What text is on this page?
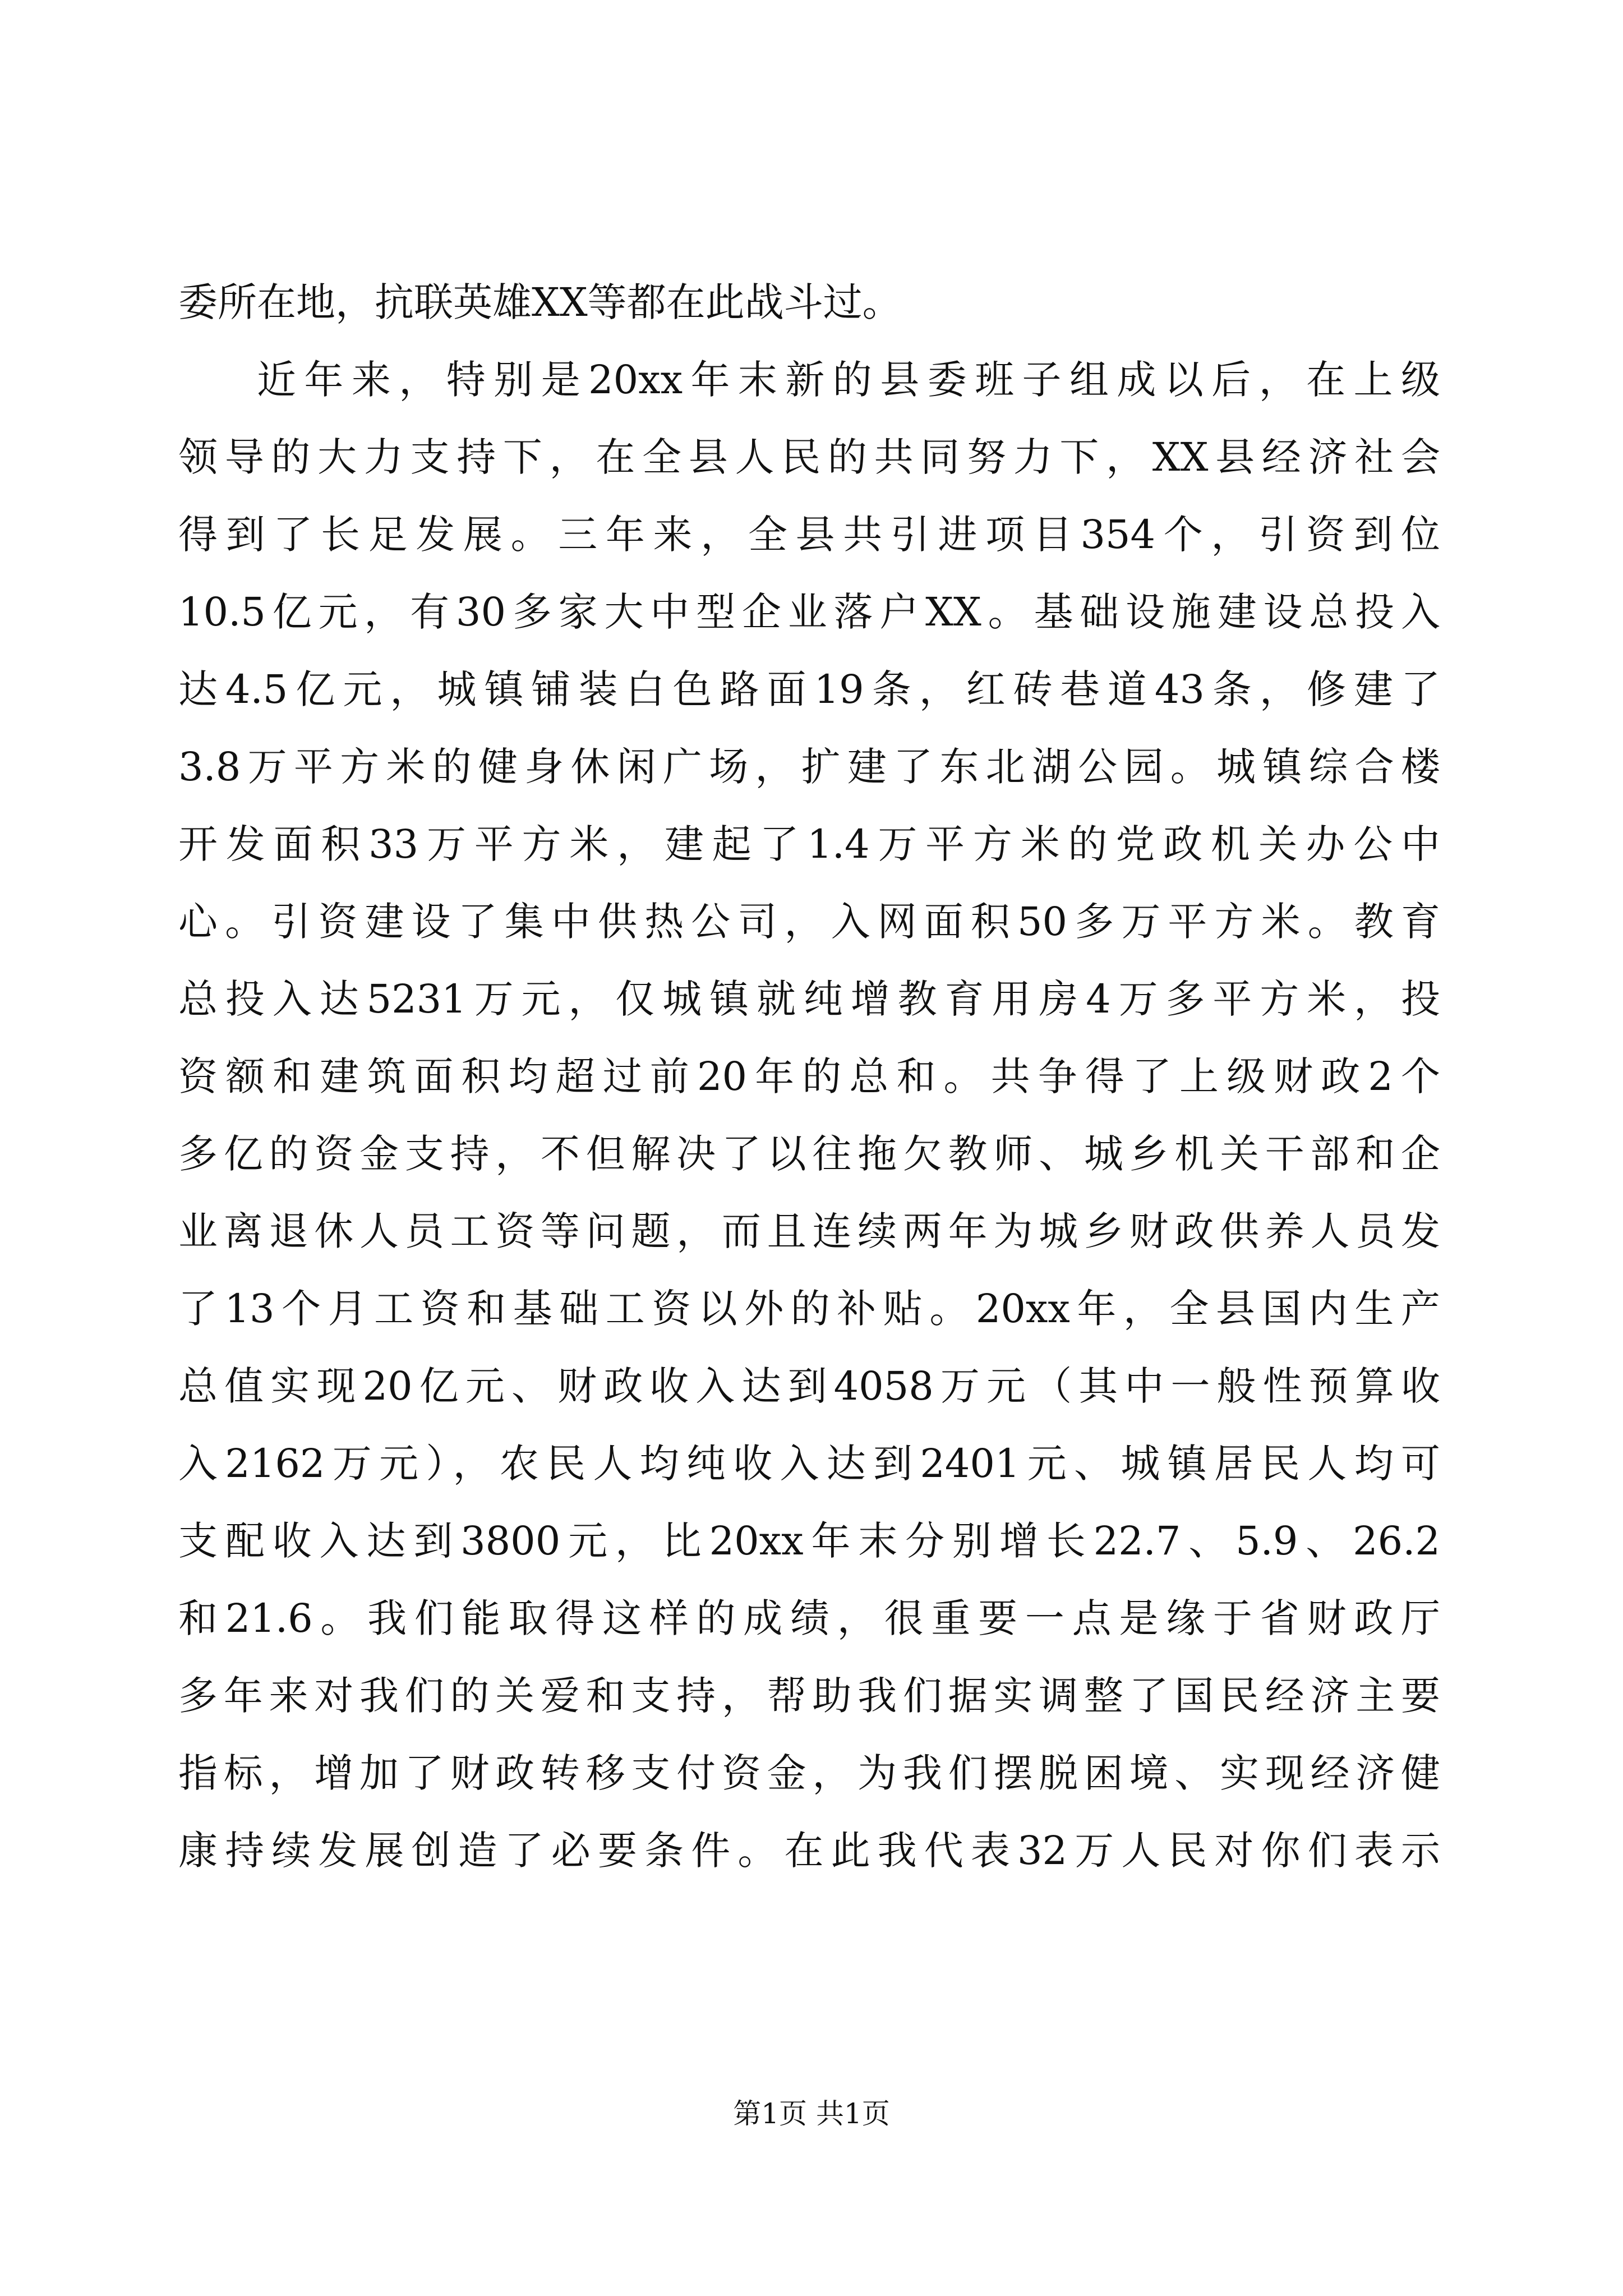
委所在地，抗联英雄XX等都在此战斗过。
近年来，特别是20xx年末新的县委班子组成以后，在上级
领导的大力支持下，在全县人民的共同努力下，XX县经济社会
得到了长足发展。三年来，全县共引进项目354个，引资到位
10.5亿元，有30多家大中型企业落户XX。基础设施建设总投入
达4.5亿元，城镇铺装白色路面19条，红砖巷道43条，修建了
3.8万平方米的健身休闲广场，扩建了东北湖公园。城镇综合楼
开发面积33万平方米，建起了1.4万平方米的党政机关办公中
心。引资建设了集中供热公司，入网面积50多万平方米。教育
总投入达5231万元，仅城镇就纯增教育用房4万多平方米，投
资额和建筑面积均超过前20年的总和。共争得了上级财政2个
多亿的资金支持，不但解决了以往拖欠教师、城乡机关干部和企
业离退休人员工资等问题，而且连续两年为城乡财政供养人员发
了13个月工资和基础工资以外的补贴。20xx年，全县国内生产
总值实现20亿元、财政收入达到4058万元（其中一般性预算收
入2162万元），农民人均纯收入达到2401元、城镇居民人均可
支配收入达到3800元，比20xx年末分别增长22.7、5.9、26.2
和21.6。我们能取得这样的成绩，很重要一点是缘于省财政厅
多年来对我们的关爱和支持，帮助我们据实调整了国民经济主要
指标，增加了财政转移支付资金，为我们摆脱困境、实现经济健
康持续发展创造了必要条件。在此我代表32万人民对你们表示
第1页 共1页
